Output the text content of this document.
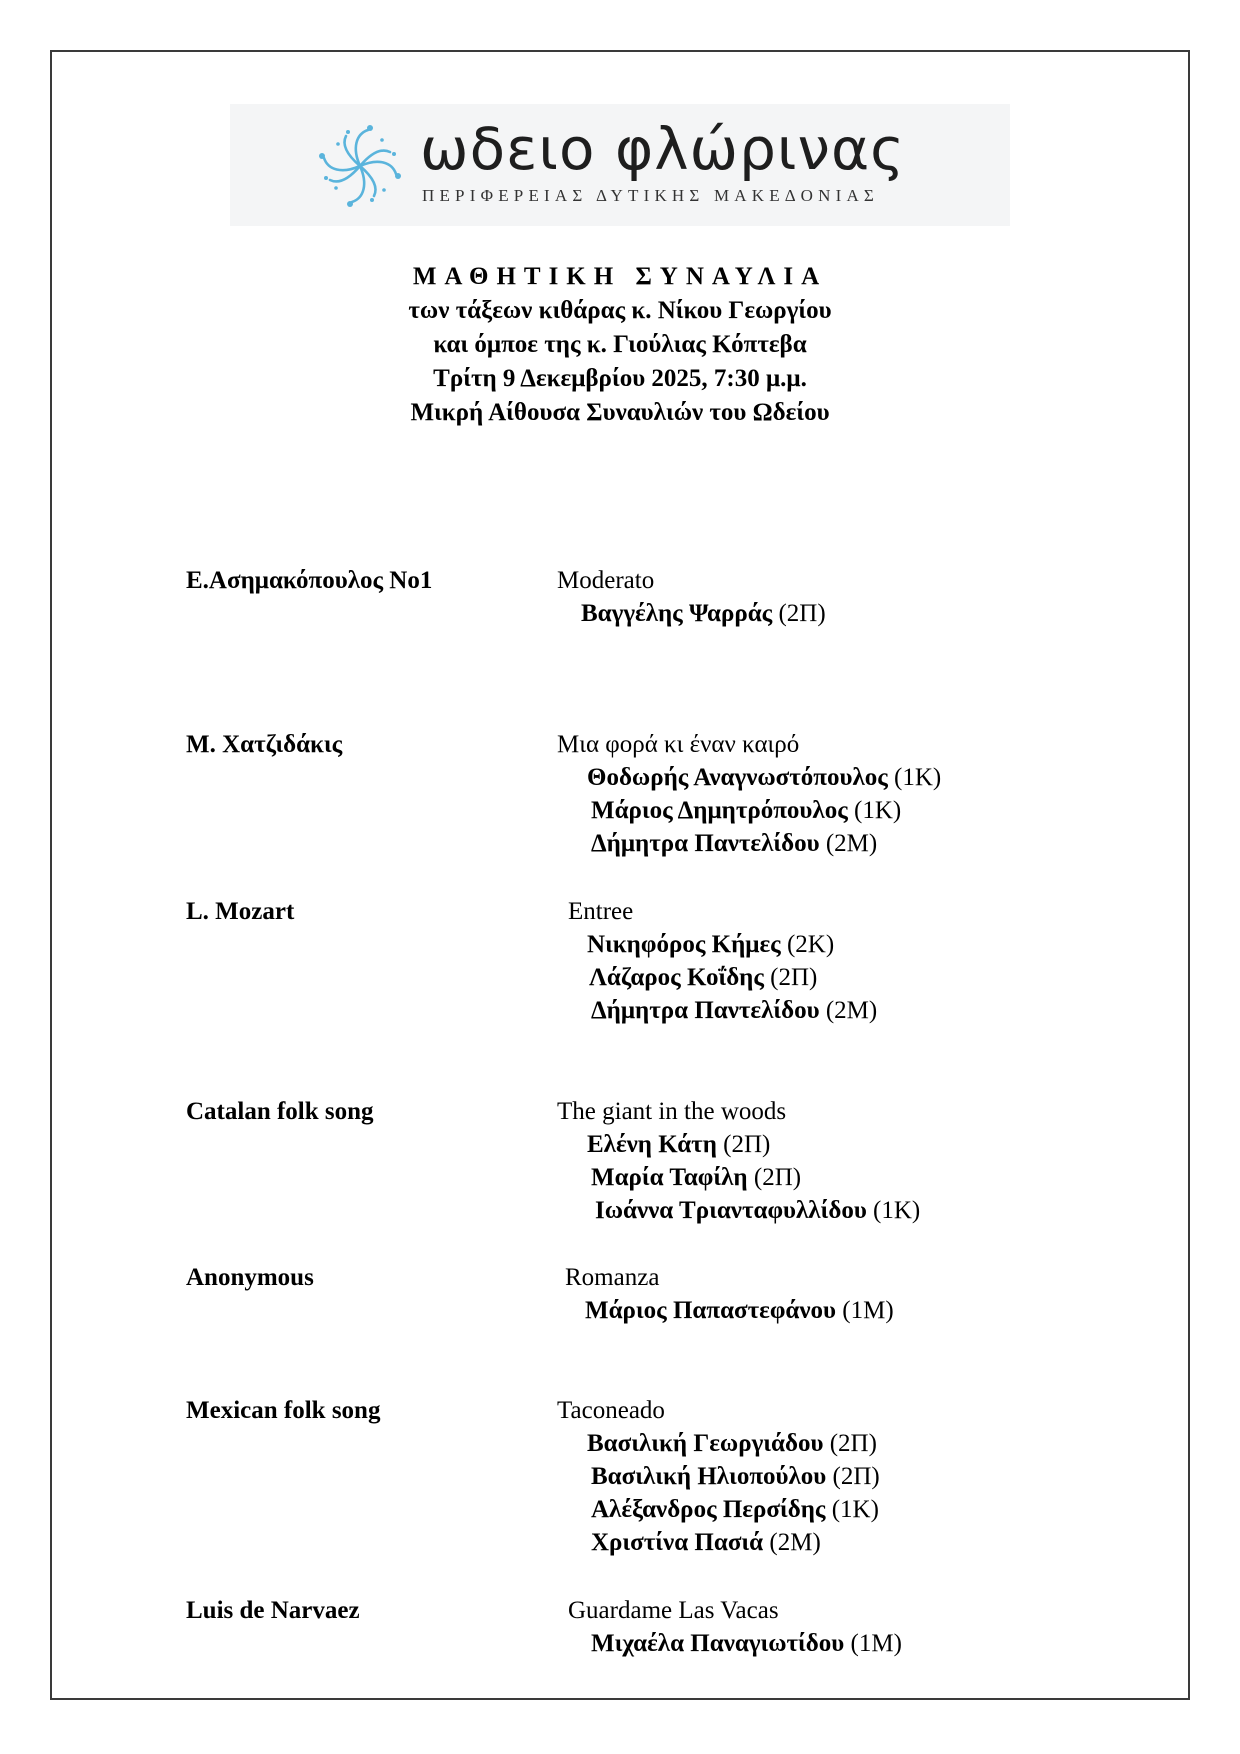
ωδειο φλώρινας
ΠΕΡΙΦΕΡΕΙΑΣ ΔΥΤΙΚΗΣ ΜΑΚΕΔΟΝΙΑΣ
ΜΑΘΗΤΙΚΗ ΣΥΝΑΥΛΙΑ
των τάξεων κιθάρας κ. Νίκου Γεωργίου
και όμποε της κ. Γιούλιας Κόπτεβα
Τρίτη 9 Δεκεμβρίου 2025, 7:30 μ.μ.
Μικρή Αίθουσα Συναυλιών του Ωδείου
Ε.Ασημακόπουλος Νο1	Moderato
Βαγγέλης Ψαρράς (2Π)
Μ. Χατζιδάκις	Μια φορά κι έναν καιρό
Θοδωρής Αναγνωστόπουλος (1Κ)
Μάριος Δημητρόπουλος (1Κ)
Δήμητρα Παντελίδου (2Μ)
L. Mozart	Entree
Νικηφόρος Κήμες (2Κ)
Λάζαρος Κοΐδης (2Π)
Δήμητρα Παντελίδου (2Μ)
Catalan folk song	The giant in the woods
Ελένη Κάτη (2Π)
Μαρία Ταφίλη (2Π)
Ιωάννα Τριανταφυλλίδου (1Κ)
Anonymous	Romanza
Μάριος Παπαστεφάνου (1Μ)
Mexican folk song	Taconeado
Βασιλική Γεωργιάδου (2Π)
Βασιλική Ηλιοπούλου (2Π)
Αλέξανδρος Περσίδης (1Κ)
Χριστίνα Πασιά (2Μ)
Luis de Narvaez	Guardame Las Vacas
Μιχαέλα Παναγιωτίδου (1Μ)
